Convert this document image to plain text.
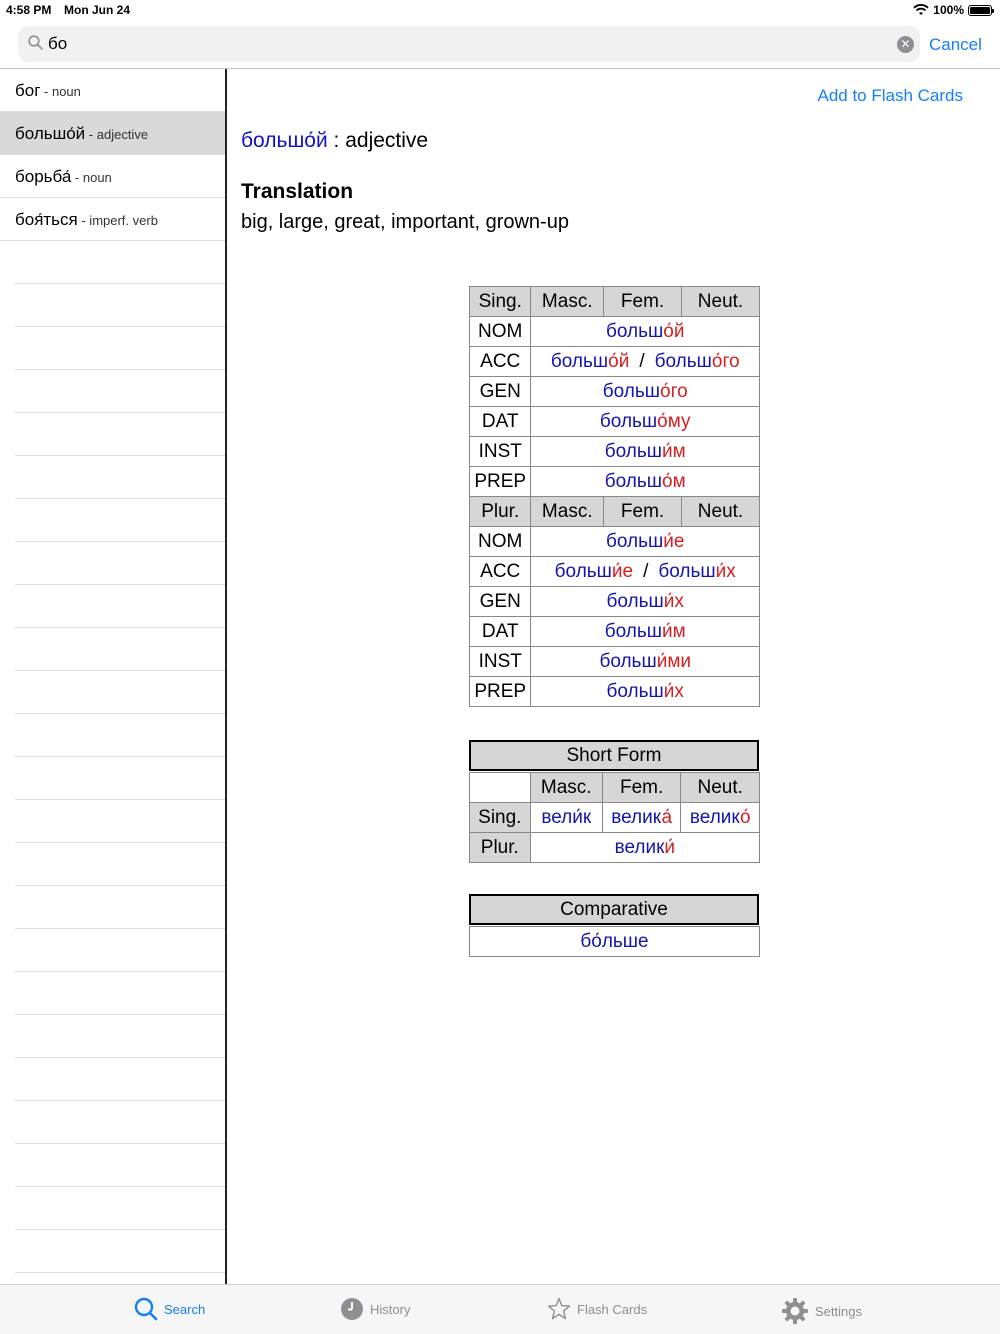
4:58 PM Mon Jun 24	100%
бо
✕ Cancel
бог - noun
большо́й - adjective
борьба́ - noun
боя́ться - imperf. verb
Add to Flash Cards
большо́й : adjective
Translation
big, large, great, important, grown-up
Sing.	Masc.	Fem.	Neut.
NOM	большо́й		
ACC	большо́й / большо́го		
GEN	большо́го		
DAT	большо́му		
INST	больши́м		
PREP	большо́м		
Plur.	Masc.	Fem.	Neut.
NOM	больши́е		
ACC	больши́е / больши́х		
GEN	больши́х		
DAT	больши́м		
INST	больши́ми		
PREP	больши́х		
Short Form
	Masc.	Fem.	Neut.
Sing.	вели́к	велика́	велико́
Plur.	велики́		
Comparative
бо́льше
Search	History	Flash Cards	Settings
